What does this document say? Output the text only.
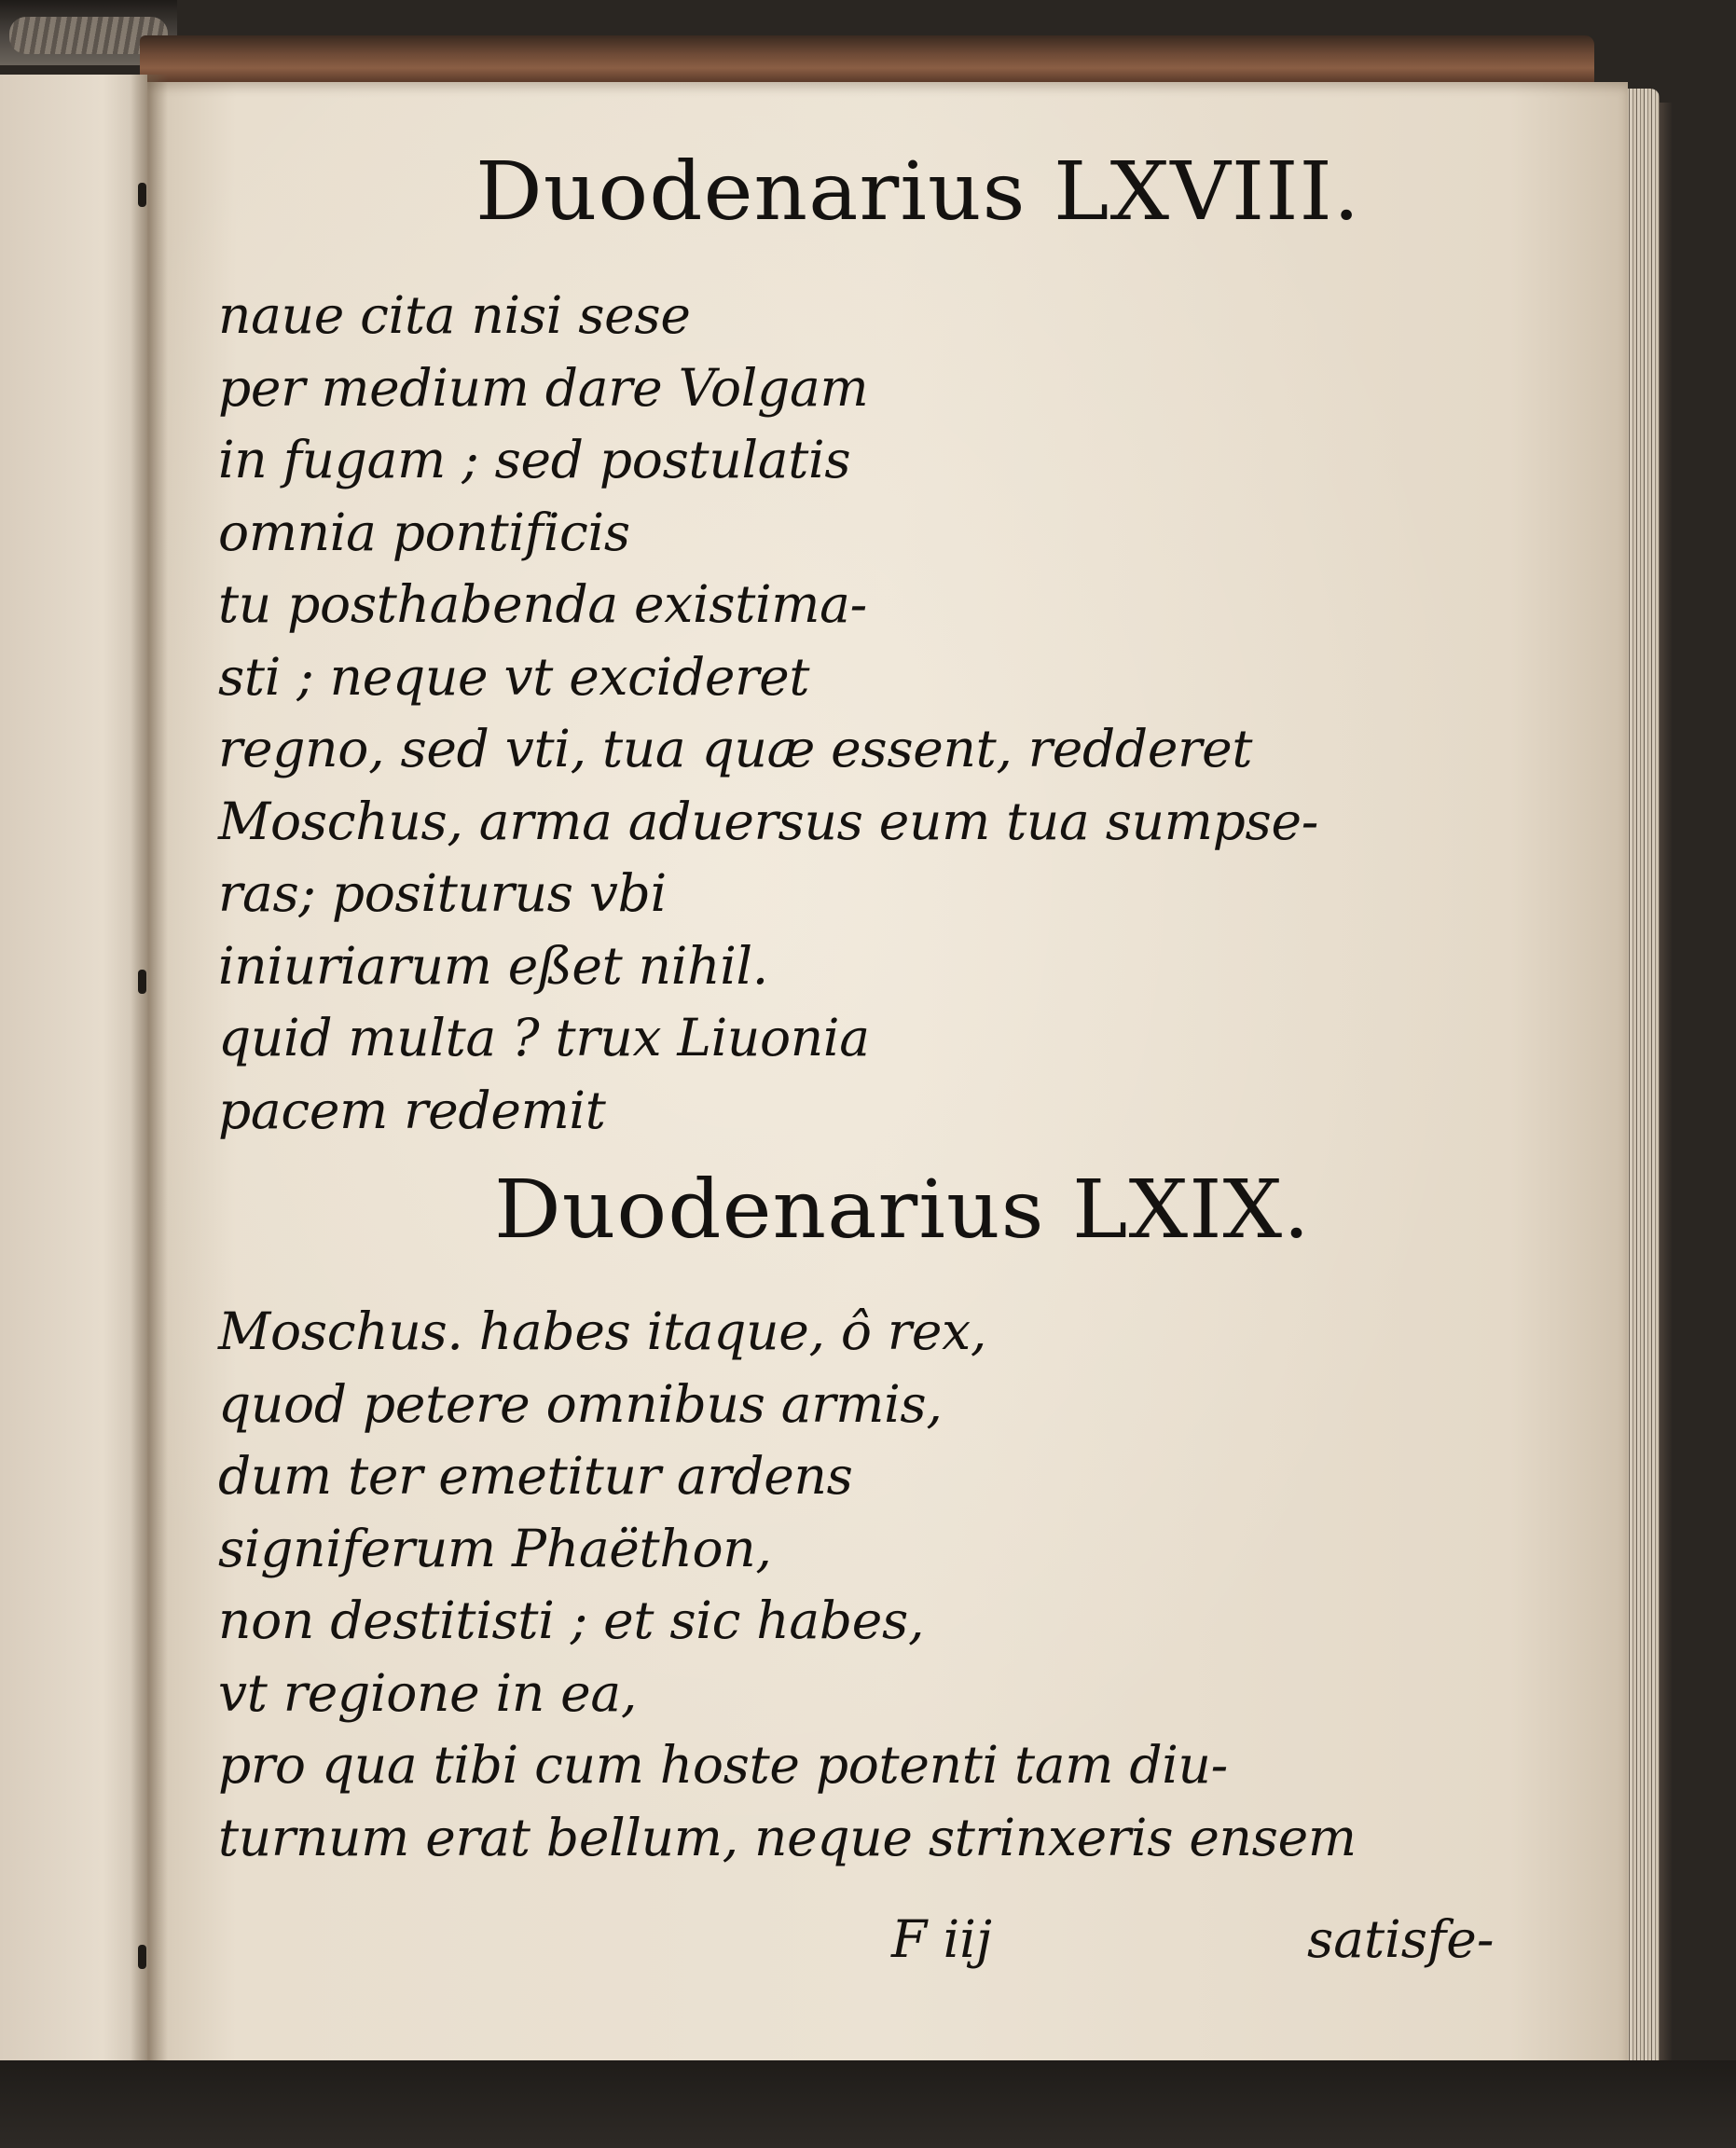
Duodenarius LXVIII.
naue cita nisi sese
per medium dare Volgam
in fugam ; sed postulatis
omnia pontificis
tu posthabenda existima-
sti ; neque vt excideret
regno, sed vti, tua quæ essent, redderet
Moschus, arma aduersus eum tua sumpse-
ras; positurus vbi
iniuriarum eßet nihil.
quid multa ? trux Liuonia
pacem redemit
Duodenarius LXIX.
Moschus. habes itaque, ô rex,
quod petere omnibus armis,
dum ter emetitur ardens
signiferum Phaëthon,
non destitisti ; et sic habes,
vt regione in ea,
pro qua tibi cum hoste potenti tam diu-
turnum erat bellum, neque strinxeris ensem

F iij	satisfe-
